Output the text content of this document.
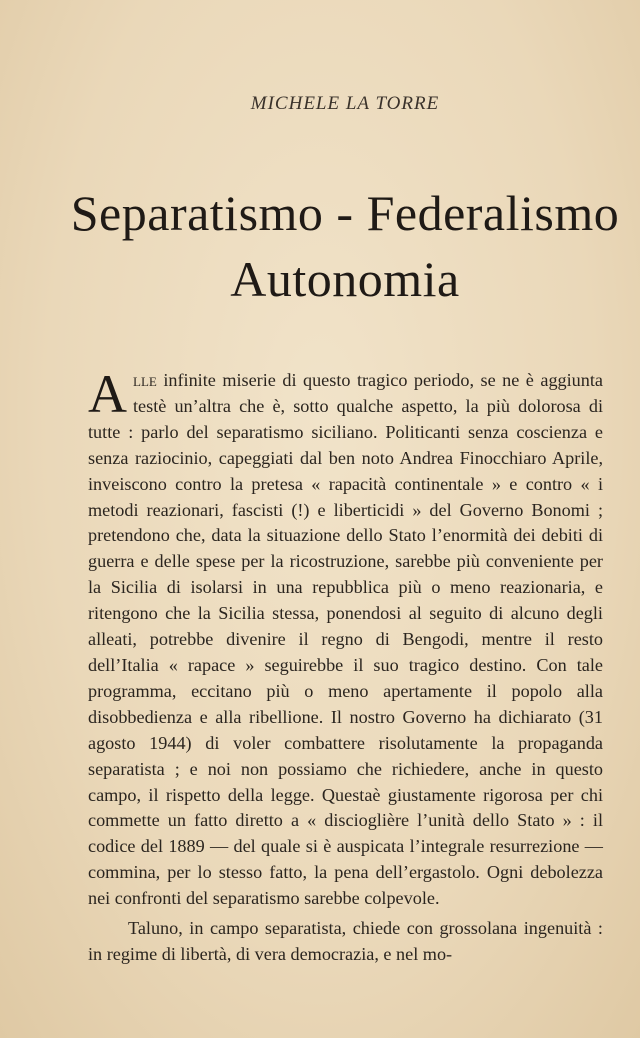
MICHELE LA TORRE
Separatismo - Federalismo
Autonomia

Alle infinite miserie di questo tragico periodo, se ne è aggiunta testè un’altra che è, sotto qualche aspetto, la più dolorosa di tutte : parlo del separatismo siciliano. Politicanti senza coscienza e senza raziocinio, capeggiati dal ben noto Andrea Finocchiaro Aprile, inveiscono contro la pretesa « rapacità continentale » e contro « i metodi reazionari, fascisti (!) e liberticidi » del Governo Bonomi ; pretendono che, data la situazione dello Stato l’enormità dei debiti di guerra e delle spese per la ricostruzione, sarebbe più conveniente per la Sicilia di isolarsi in una repubblica più o meno reazionaria, e ritengono che la Sicilia stessa, ponendosi al seguito di alcuno degli alleati, potrebbe divenire il regno di Bengodi, mentre il resto dell’Italia « rapace » seguirebbe il suo tragico destino. Con tale programma, eccitano più o meno apertamente il popolo alla disobbedienza e alla ribellione. Il nostro Governo ha dichiarato (31 agosto 1944) di voler combattere risolutamente la propaganda separatista ; e noi non possiamo che richiedere, anche in questo campo, il rispetto della legge. Questaè giustamente rigorosa per chi commette un fatto diretto a « discioglière l’unità dello Stato » : il codice del 1889 — del quale si è auspicata l’integrale resurrezione — commina, per lo stesso fatto, la pena dell’ergastolo. Ogni debolezza nei confronti del separatismo sarebbe colpevole.

Taluno, in campo separatista, chiede con grossolana ingenuità : in regime di libertà, di vera democrazia, e nel mo-
